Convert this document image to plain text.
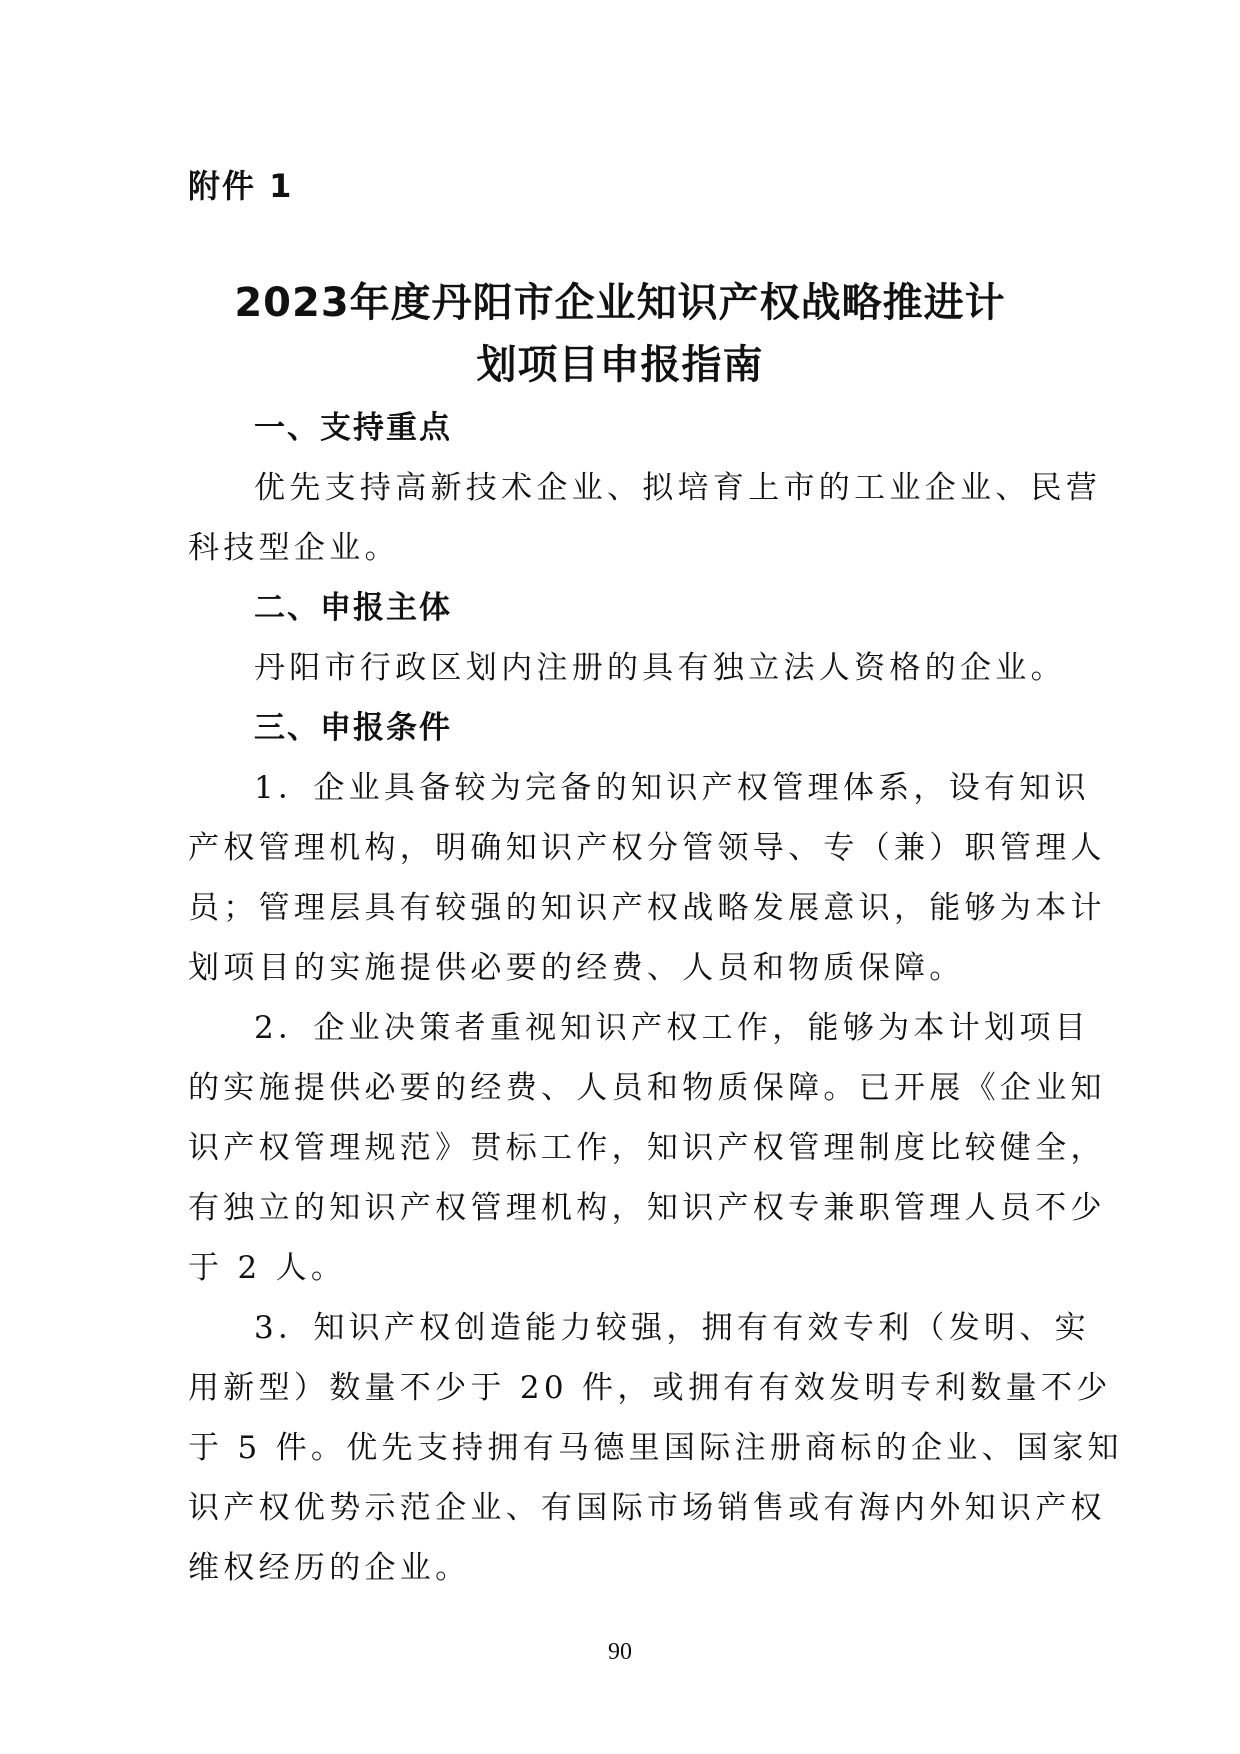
附件 1
2023年度丹阳市企业知识产权战略推进计
划项目申报指南
一、支持重点
优先支持高新技术企业、拟培育上市的工业企业、民营
科技型企业。
二、申报主体
丹阳市行政区划内注册的具有独立法人资格的企业。
三、申报条件
1．企业具备较为完备的知识产权管理体系，设有知识
产权管理机构，明确知识产权分管领导、专（兼）职管理人
员；管理层具有较强的知识产权战略发展意识，能够为本计
划项目的实施提供必要的经费、人员和物质保障。
2．企业决策者重视知识产权工作，能够为本计划项目
的实施提供必要的经费、人员和物质保障。已开展《企业知
识产权管理规范》贯标工作，知识产权管理制度比较健全，
有独立的知识产权管理机构，知识产权专兼职管理人员不少
于 2 人。
3．知识产权创造能力较强，拥有有效专利（发明、实
用新型）数量不少于 20 件，或拥有有效发明专利数量不少
于 5 件。优先支持拥有马德里国际注册商标的企业、国家知
识产权优势示范企业、有国际市场销售或有海内外知识产权
维权经历的企业。
90
